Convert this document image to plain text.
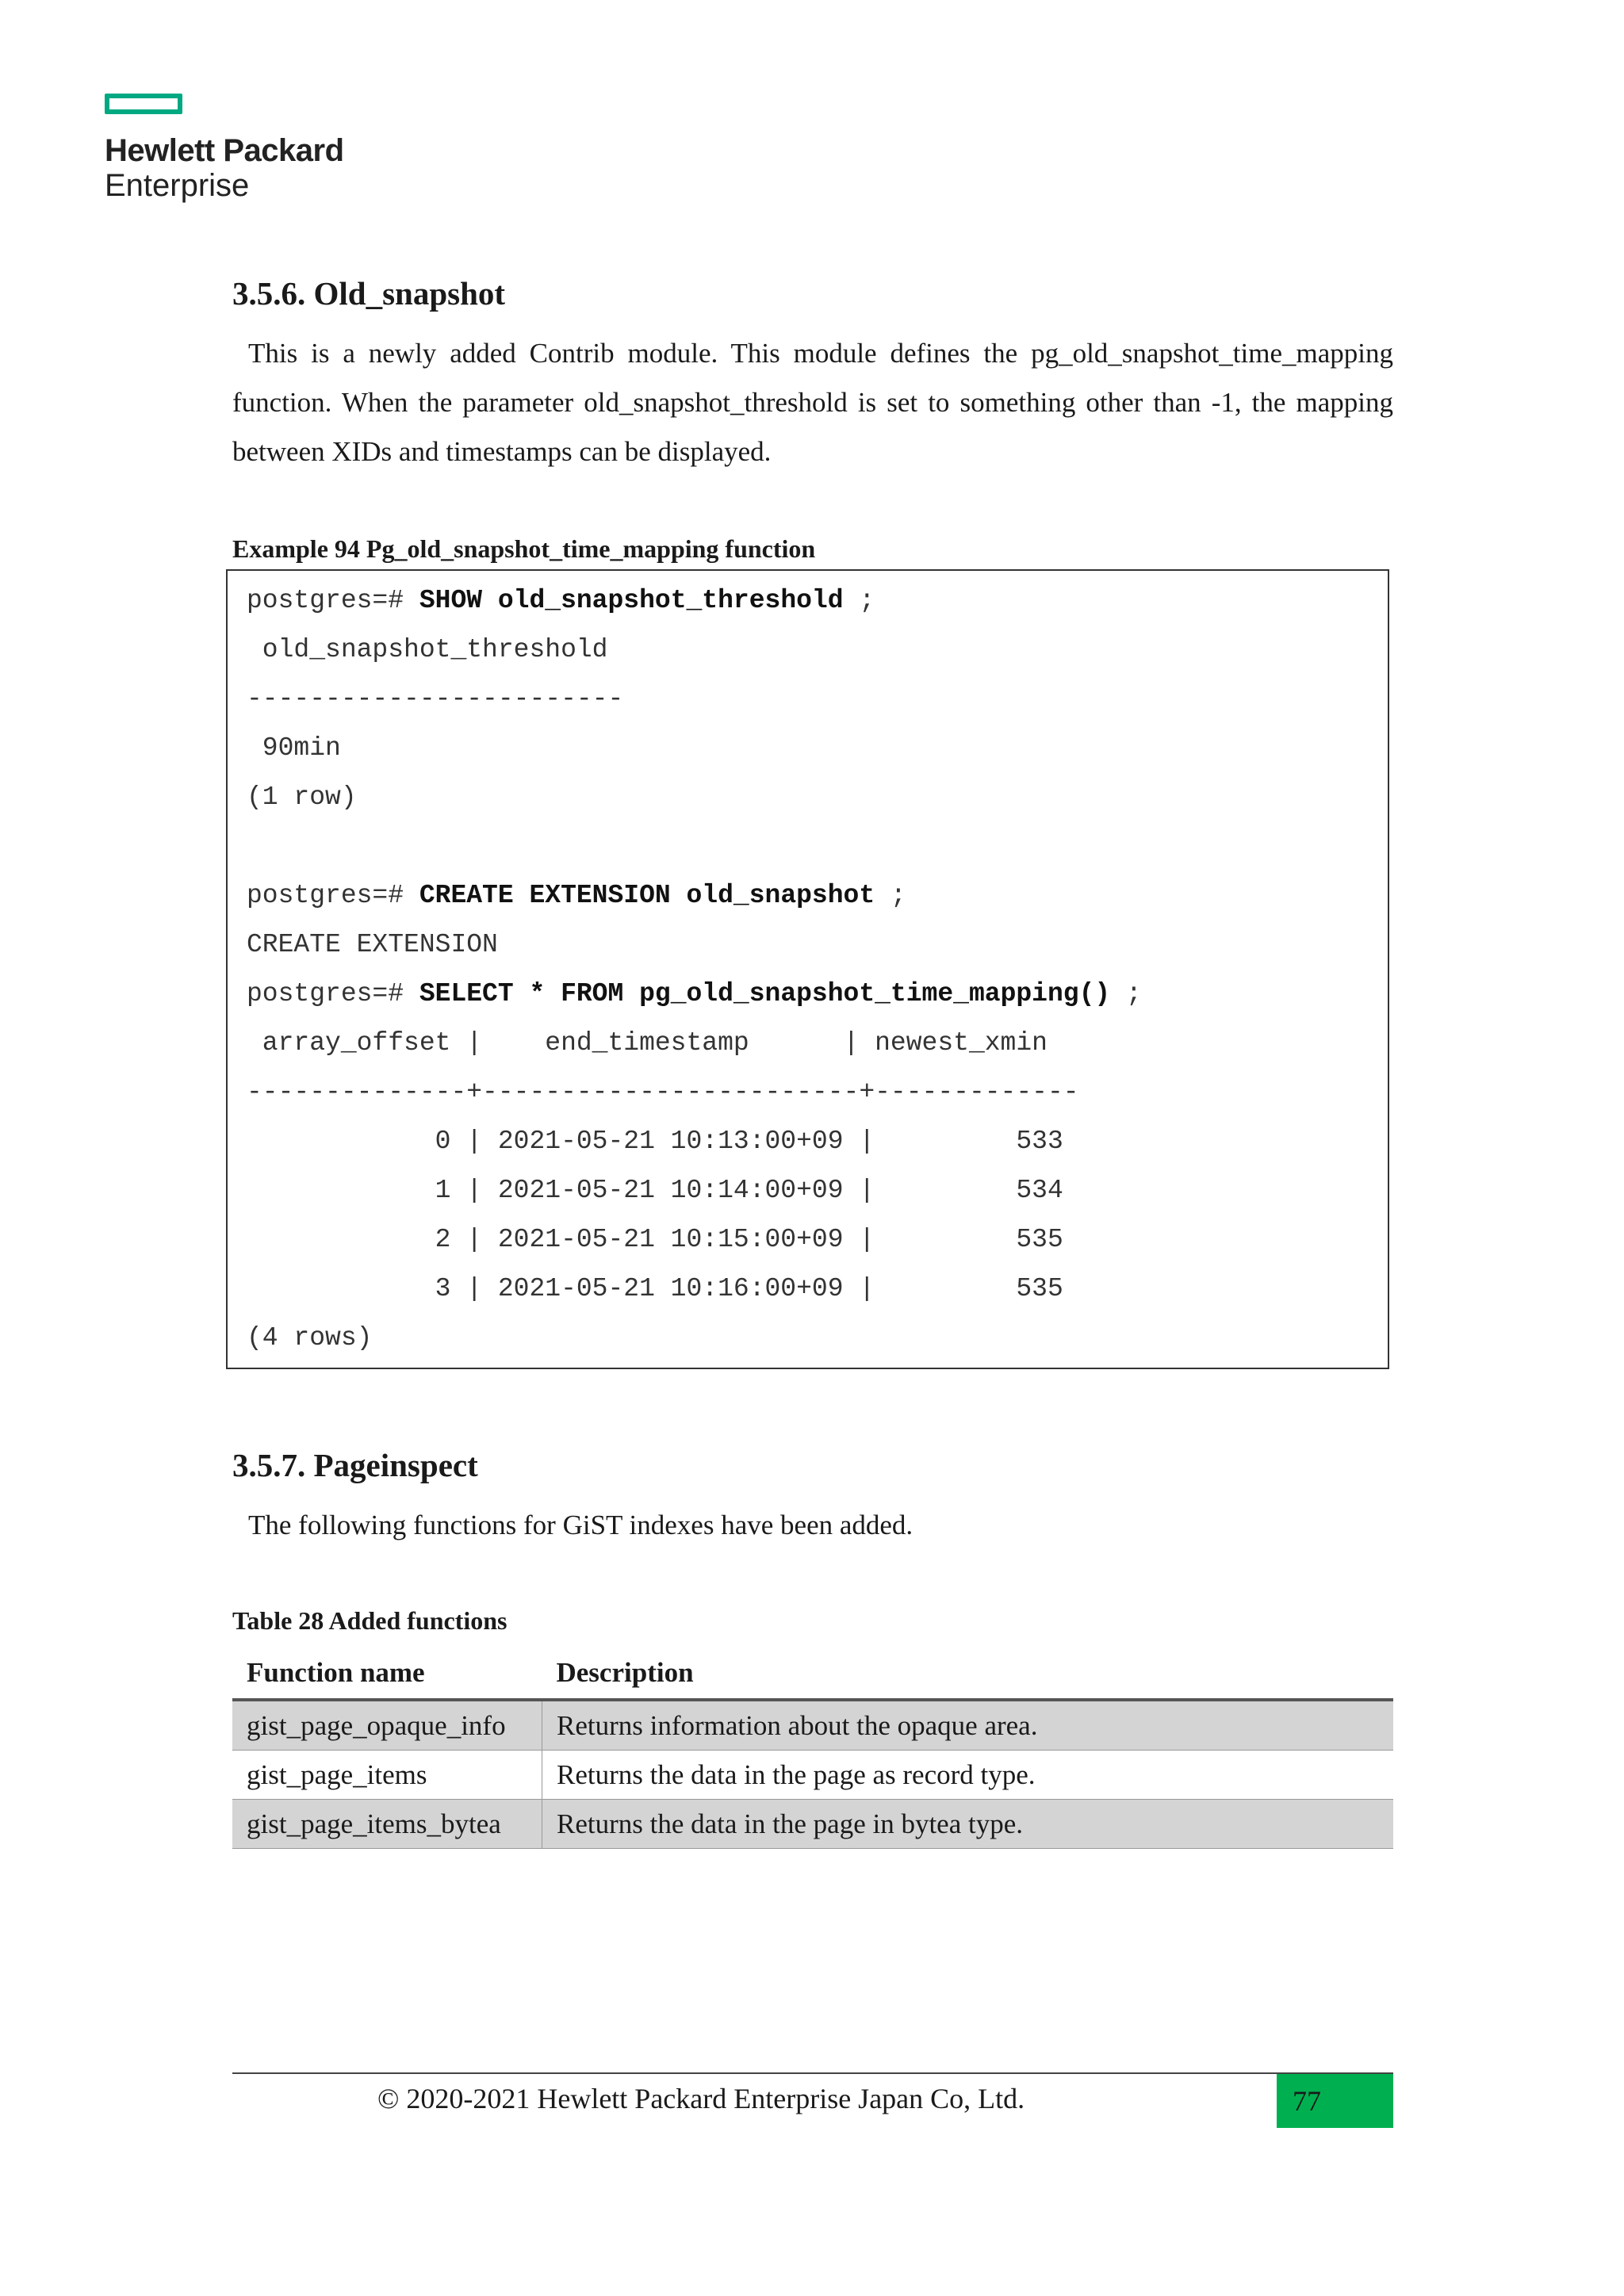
Hewlett Packard
Enterprise
3.5.6. Old_snapshot
This is a newly added Contrib module. This module defines the pg_old_snapshot_time_mapping function. When the parameter old_snapshot_threshold is set to something other than -1, the mapping between XIDs and timestamps can be displayed.
Example 94 Pg_old_snapshot_time_mapping function
postgres=# SHOW old_snapshot_threshold ;
old_snapshot_threshold
------------------------
90min
(1 row)
postgres=# CREATE EXTENSION old_snapshot ;
CREATE EXTENSION
postgres=# SELECT * FROM pg_old_snapshot_time_mapping() ;
array_offset |    end_timestamp      | newest_xmin
--------------+------------------------+-------------
0 | 2021-05-21 10:13:00+09 |         533
1 | 2021-05-21 10:14:00+09 |         534
2 | 2021-05-21 10:15:00+09 |         535
3 | 2021-05-21 10:16:00+09 |         535
(4 rows)
3.5.7. Pageinspect
The following functions for GiST indexes have been added.
Table 28 Added functions
Function name	Description
gist_page_opaque_info	Returns information about the opaque area.
gist_page_items	Returns the data in the page as record type.
gist_page_items_bytea	Returns the data in the page in bytea type.
© 2020-2021 Hewlett Packard Enterprise Japan Co, Ltd.	77
